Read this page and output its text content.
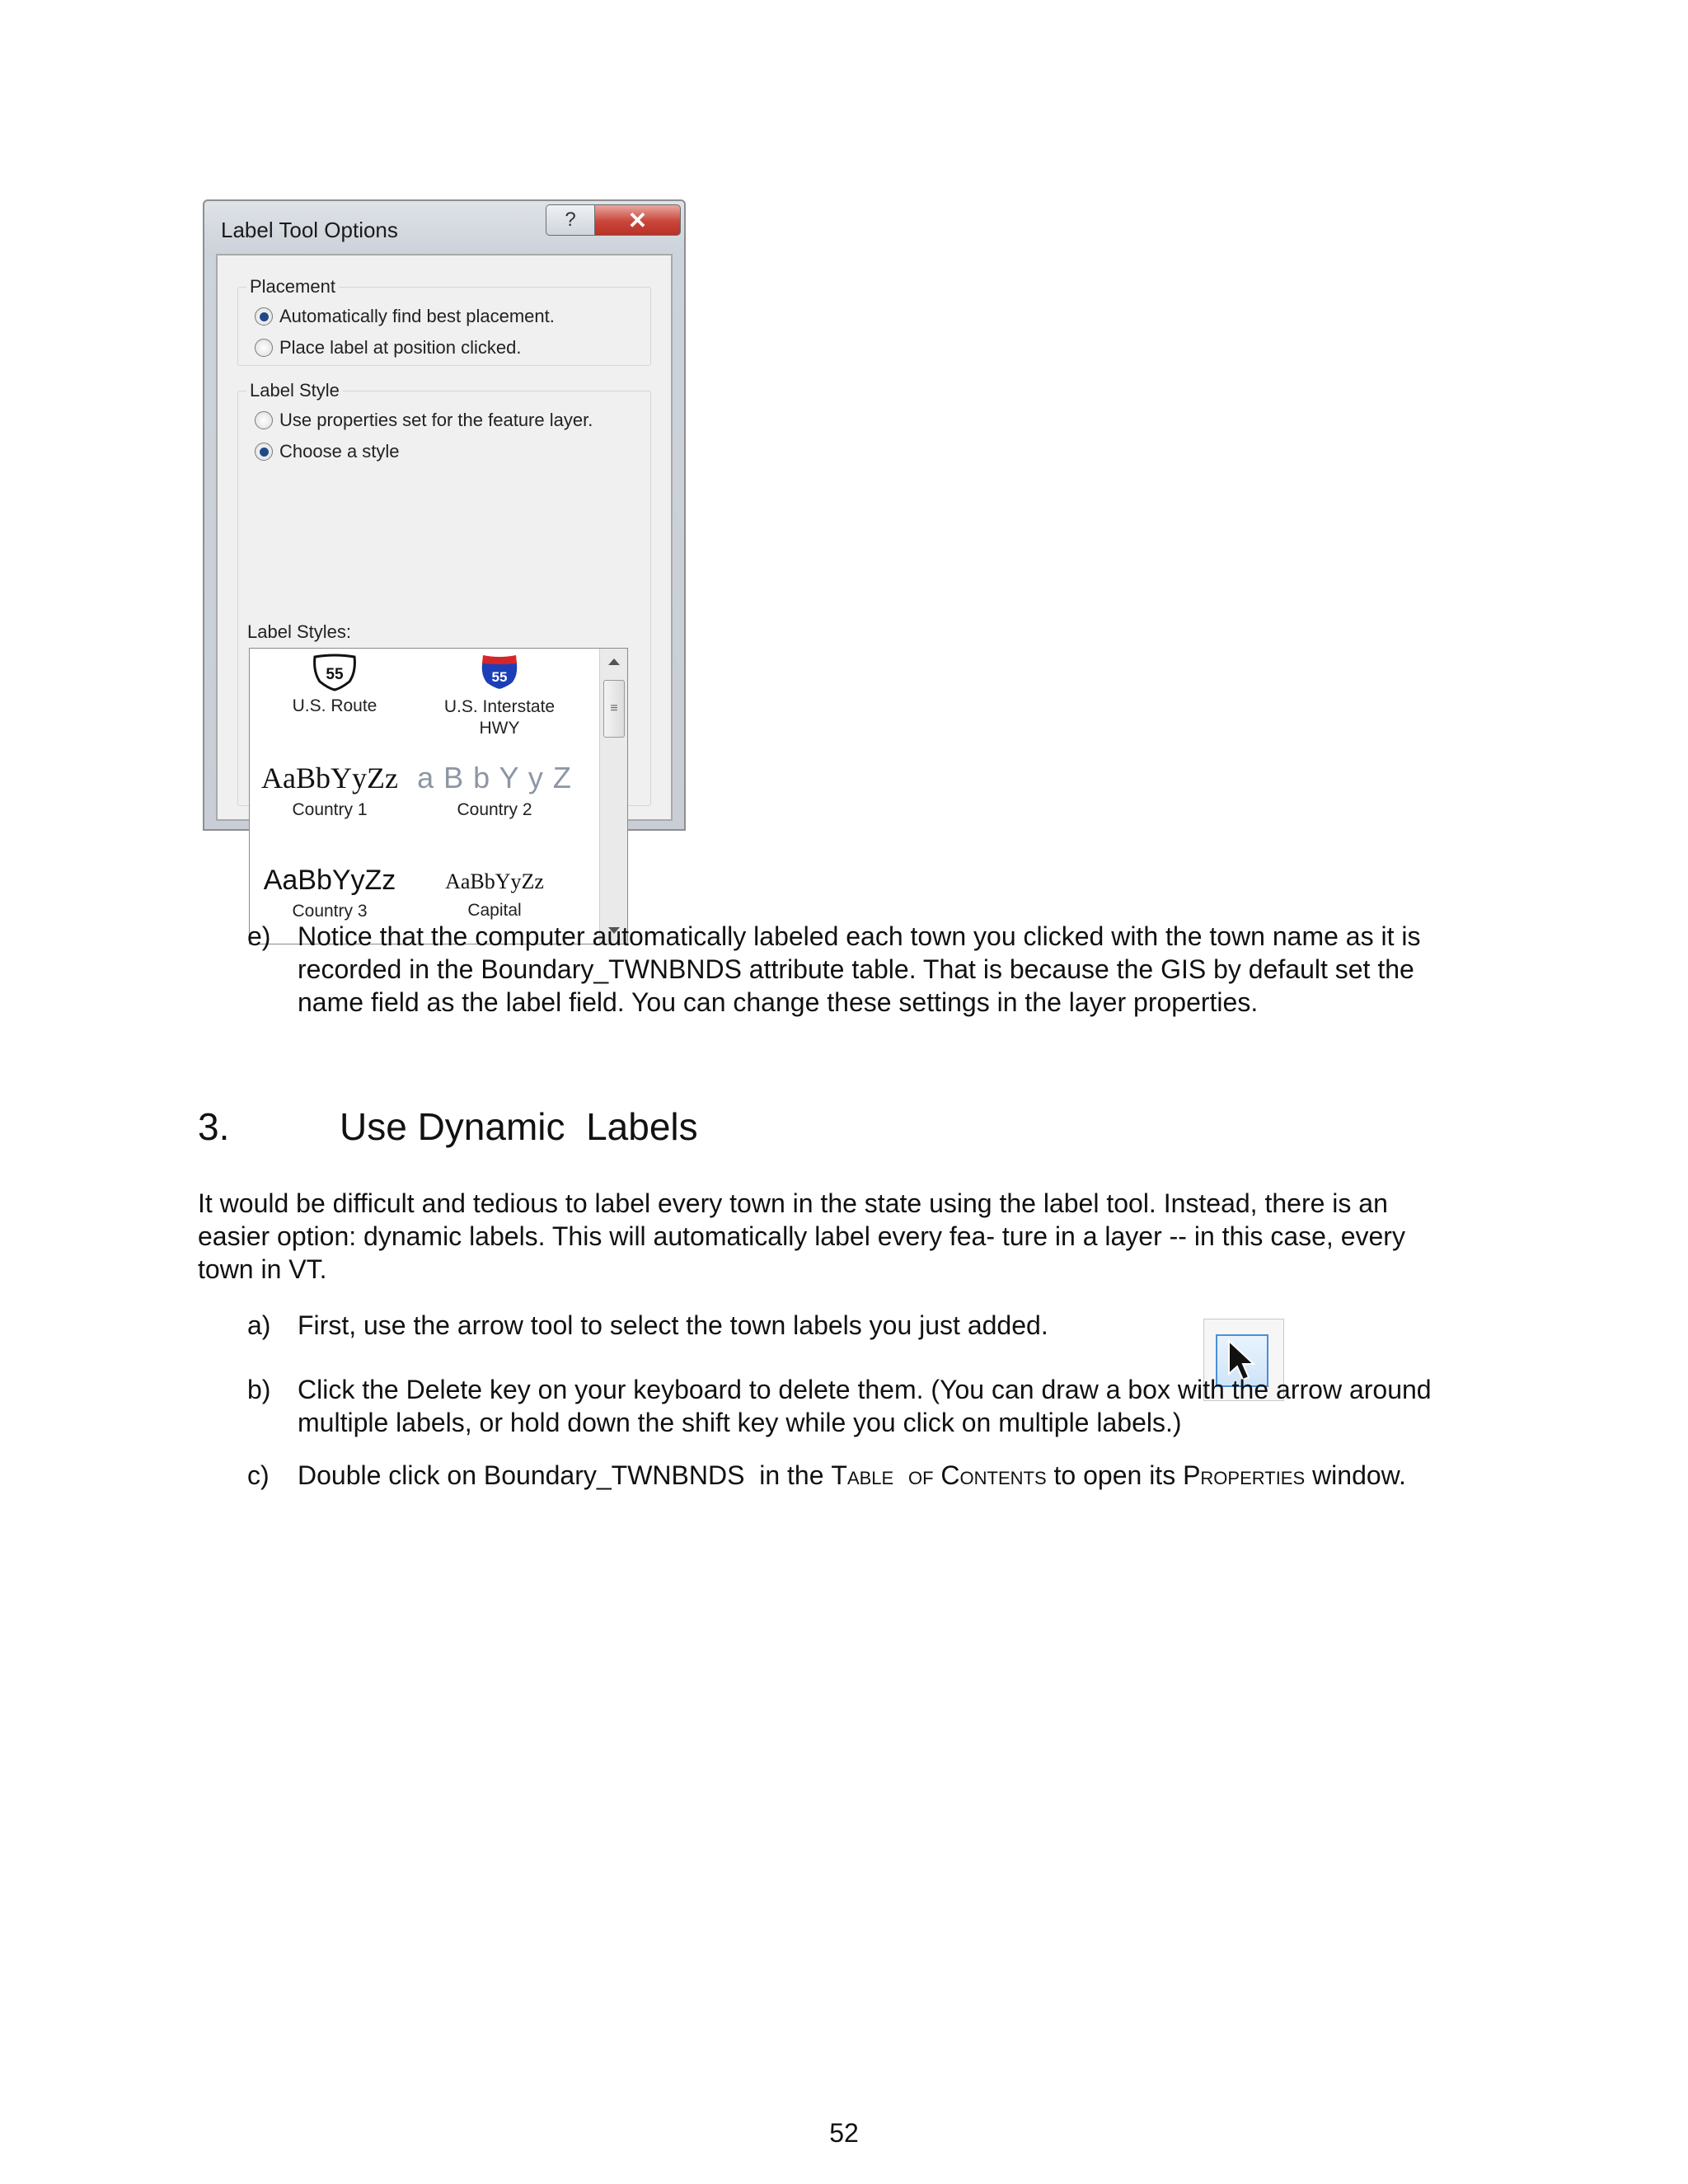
Label Tool Options	? ✕
Placement
Automatically find best placement.
Place label at position clicked.
Label Style
Use properties set for the feature layer.
Choose a style
Label Styles:
55
U.S. Route
55
U.S. Interstate HWY
AaBbYyZz
Country 1
a B b Y y Z
Country 2
AaBbYyZz
Country 3
AaBbYyZz
Capital
≡
e) Notice that the computer automatically labeled each town you clicked with the town name as it is
recorded in the Boundary_TWNBNDS attribute table. That is because the GIS by default set the
name field as the label field. You can change these settings in the layer properties.
3.	Use Dynamic  Labels
It would be difficult and tedious to label every town in the state using the label tool. Instead, there is an
easier option: dynamic labels. This will automatically label every fea- ture in a layer -- in this case, every
town in VT.
a) First, use the arrow tool to select the town labels you just added.
b) Click the Delete key on your keyboard to delete them. (You can draw a box with the arrow around
multiple labels, or hold down the shift key while you click on multiple labels.)
c) Double click on Boundary_TWNBNDS  in the Table  of Contents to open its Properties window.
52
